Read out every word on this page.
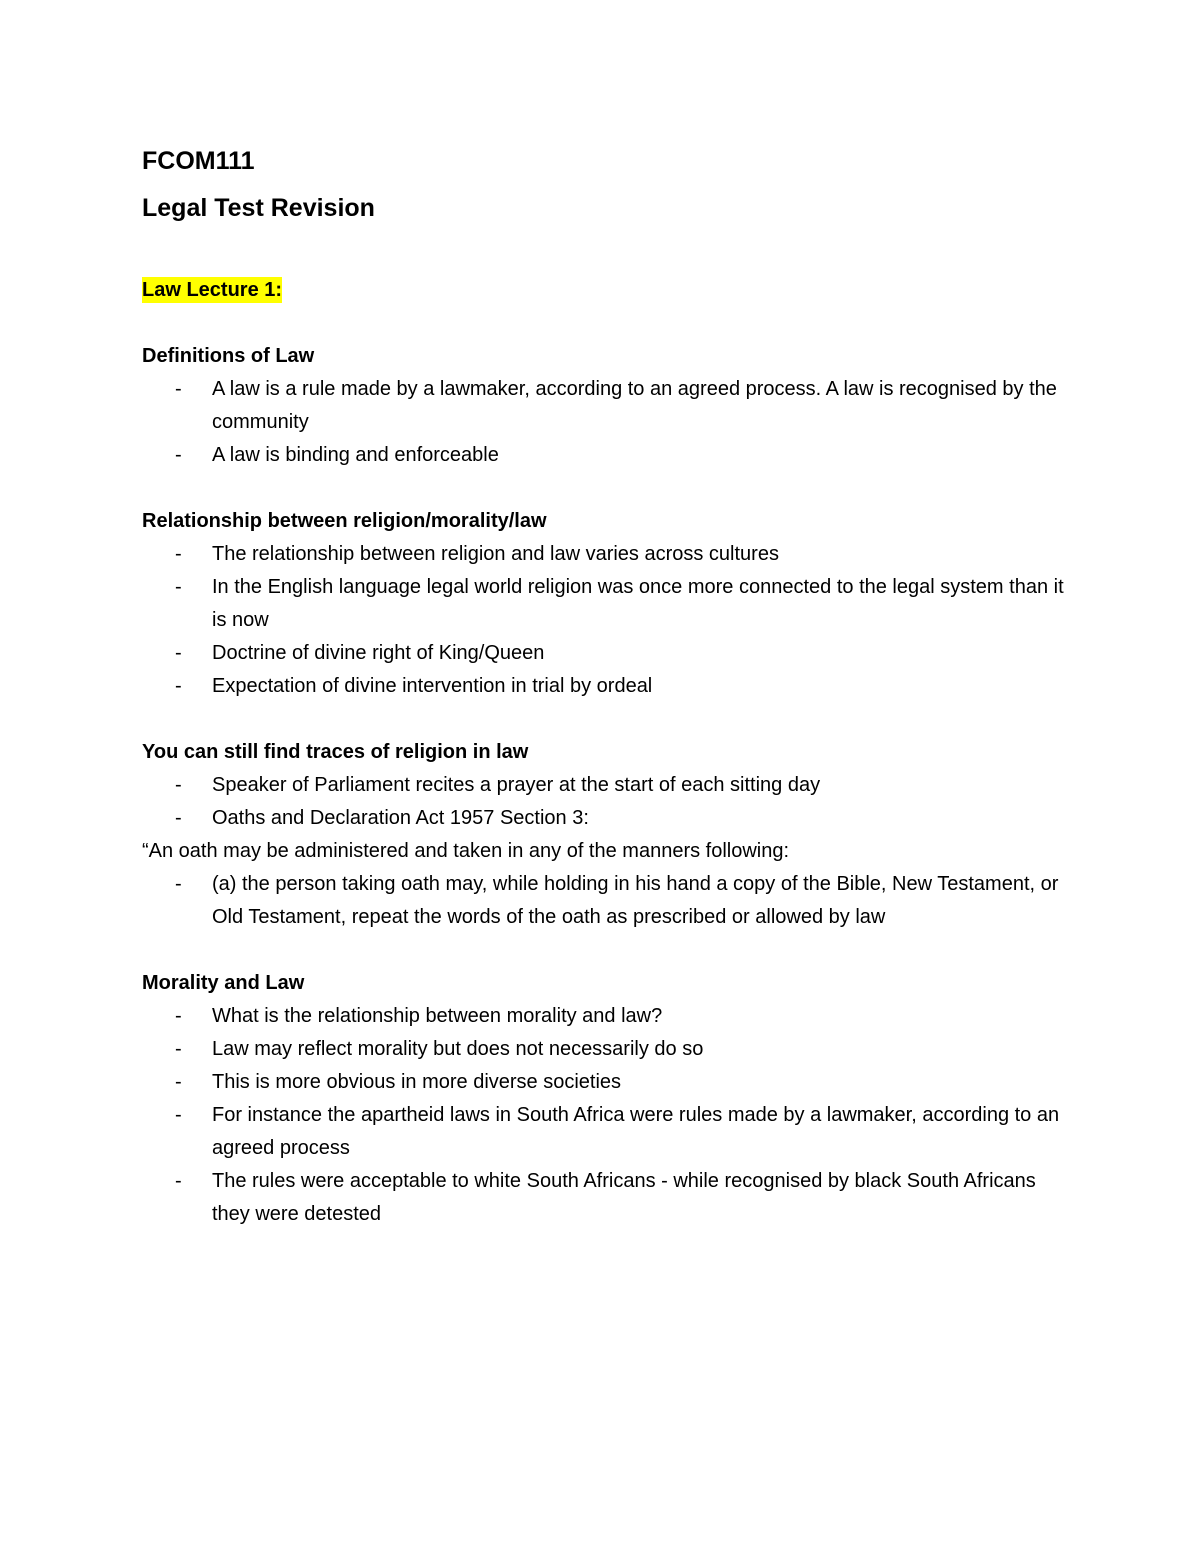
FCOM111
Legal Test Revision
Law Lecture 1:
Definitions of Law
- A law is a rule made by a lawmaker, according to an agreed process. A law is recognised by the community
- A law is binding and enforceable
Relationship between religion/morality/law
- The relationship between religion and law varies across cultures
- In the English language legal world religion was once more connected to the legal system than it is now
- Doctrine of divine right of King/Queen
- Expectation of divine intervention in trial by ordeal
You can still find traces of religion in law
- Speaker of Parliament recites a prayer at the start of each sitting day
- Oaths and Declaration Act 1957 Section 3:
“An oath may be administered and taken in any of the manners following:
- (a) the person taking oath may, while holding in his hand a copy of the Bible, New Testament, or Old Testament, repeat the words of the oath as prescribed or allowed by law
Morality and Law
- What is the relationship between morality and law?
- Law may reflect morality but does not necessarily do so
- This is more obvious in more diverse societies
- For instance the apartheid laws in South Africa were rules made by a lawmaker, according to an agreed process
- The rules were acceptable to white South Africans - while recognised by black South Africans they were detested
